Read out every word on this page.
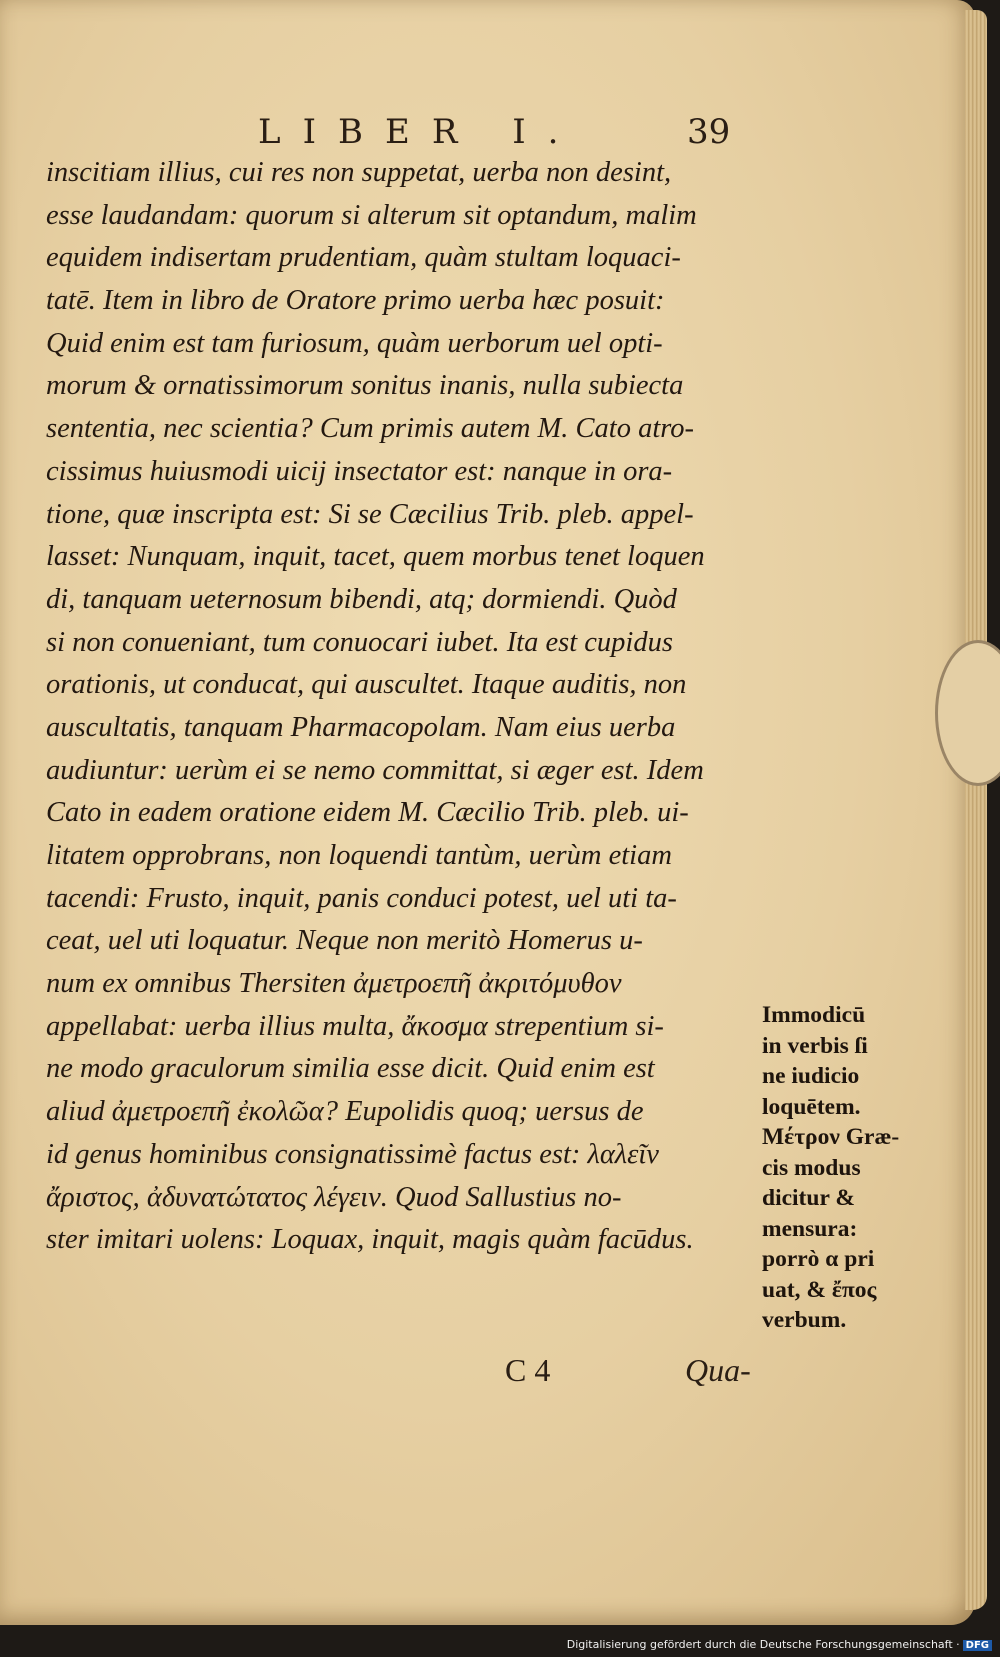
LIBER I.	39
inscitiam illius, cui res non suppetat, uerba non desint,
esse laudandam: quorum si alterum sit optandum, malim
equidem indisertam prudentiam, quàm stultam loquaci-
tatē. Item in libro de Oratore primo uerba hæc posuit:
Quid enim est tam furiosum, quàm uerborum uel opti-
morum & ornatissimorum sonitus inanis, nulla subiecta
sententia, nec scientia? Cum primis autem M. Cato atro-
cissimus huiusmodi uicij insectator est: nanque in ora-
tione, quæ inscripta est: Si se Cæcilius Trib. pleb. appel-
lasset: Nunquam, inquit, tacet, quem morbus tenet loquen
di, tanquam ueternosum bibendi, atq; dormiendi. Quòd
si non conueniant, tum conuocari iubet. Ita est cupidus
orationis, ut conducat, qui auscultet. Itaque auditis, non
auscultatis, tanquam Pharmacopolam. Nam eius uerba
audiuntur: uerùm ei se nemo committat, si æger est. Idem
Cato in eadem oratione eidem M. Cæcilio Trib. pleb. ui-
litatem opprobrans, non loquendi tantùm, uerùm etiam
tacendi: Frusto, inquit, panis conduci potest, uel uti ta-
ceat, uel uti loquatur. Neque non meritò Homerus u-
num ex omnibus Thersiten ἀμετροεπῆ ἀκριτόμυθον
appellabat: uerba illius multa, ἄκοσμα strepentium si-
ne modo graculorum similia esse dicit. Quid enim est
aliud ἀμετροεπῆ ἐκολῶα? Eupolidis quoq; uersus de
id genus hominibus consignatissimè factus est: λαλεῖν
ἄριστος, ἀδυνατώτατος λέγειν. Quod Sallustius no-
ster imitari uolens: Loquax, inquit, magis quàm facūdus.
Immodicū
in verbis ſi
ne iudicio
loquētem.
Μέτρον Græ-
cis modus
dicitur &
mensura:
porrò α pri
uat, & ἔπος
verbum.
C 4	Qua-
Digitalisierung gefördert durch die Deutsche Forschungsgemeinschaft · DFG
